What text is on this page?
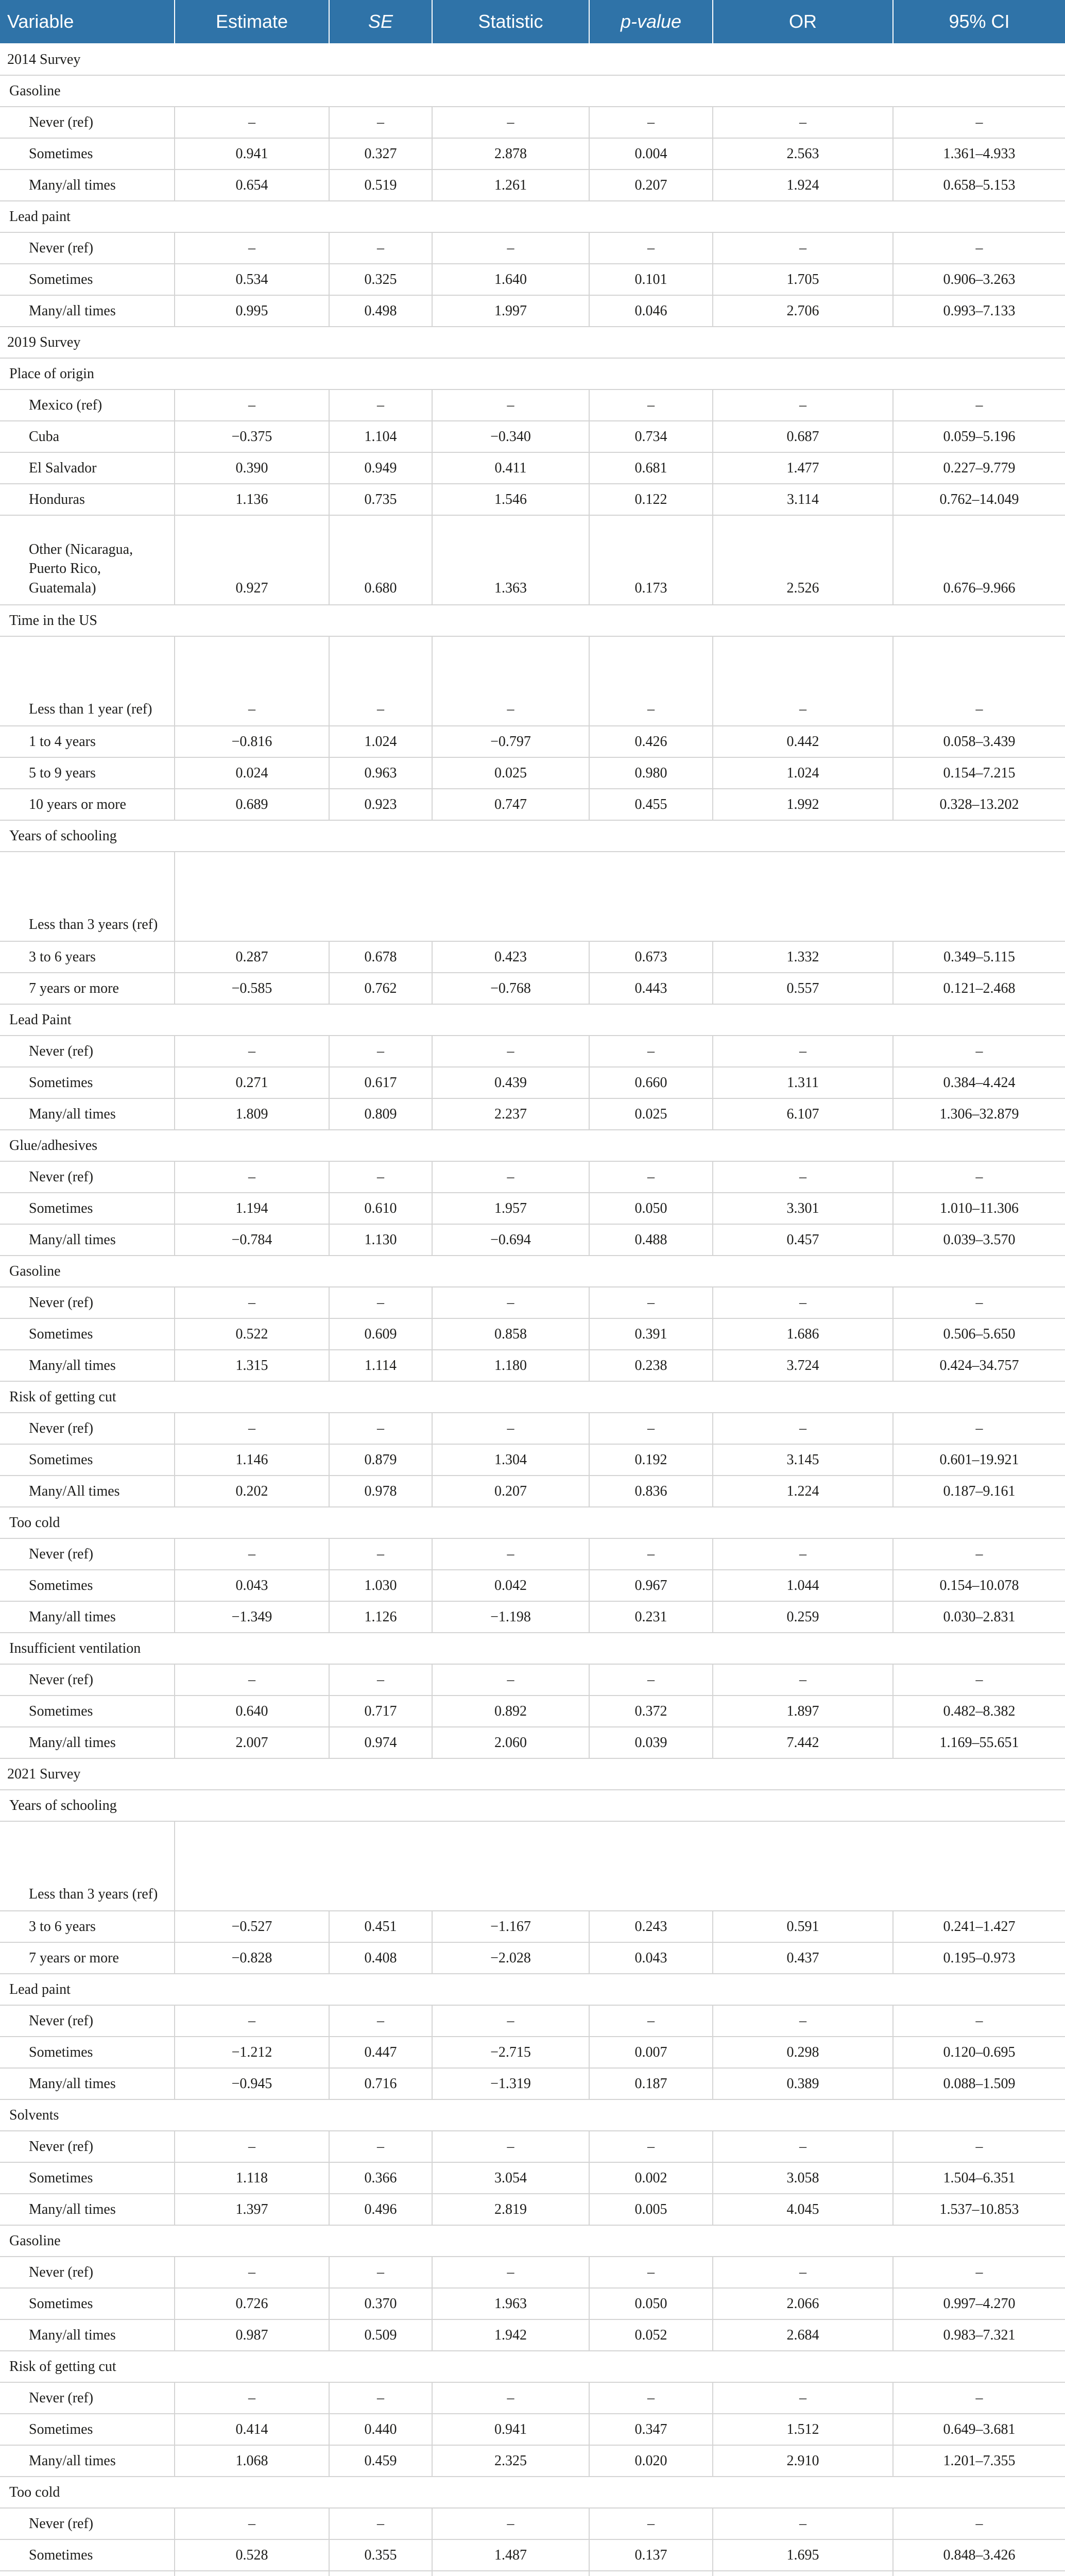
Variable	Estimate	SE	Statistic	p-value	OR	95% CI
2014 Survey						
Gasoline						
Never (ref)	–	–	–	–	–	–
Sometimes	0.941	0.327	2.878	0.004	2.563	1.361–4.933
Many/all times	0.654	0.519	1.261	0.207	1.924	0.658–5.153
Lead paint						
Never (ref)	–	–	–	–	–	–
Sometimes	0.534	0.325	1.640	0.101	1.705	0.906–3.263
Many/all times	0.995	0.498	1.997	0.046	2.706	0.993–7.133
2019 Survey						
Place of origin						
Mexico (ref)	–	–	–	–	–	–
Cuba	−0.375	1.104	−0.340	0.734	0.687	0.059–5.196
El Salvador	0.390	0.949	0.411	0.681	1.477	0.227–9.779
Honduras	1.136	0.735	1.546	0.122	3.114	0.762–14.049
Other (Nicaragua, Puerto Rico, Guatemala)	0.927	0.680	1.363	0.173	2.526	0.676–9.966
Time in the US						
Less than 1 year (ref)	–	–	–	–	–	–
1 to 4 years	−0.816	1.024	−0.797	0.426	0.442	0.058–3.439
5 to 9 years	0.024	0.963	0.025	0.980	1.024	0.154–7.215
10 years or more	0.689	0.923	0.747	0.455	1.992	0.328–13.202
Years of schooling						
Less than 3 years (ref)						
3 to 6 years	0.287	0.678	0.423	0.673	1.332	0.349–5.115
7 years or more	−0.585	0.762	−0.768	0.443	0.557	0.121–2.468
Lead Paint						
Never (ref)	–	–	–	–	–	–
Sometimes	0.271	0.617	0.439	0.660	1.311	0.384–4.424
Many/all times	1.809	0.809	2.237	0.025	6.107	1.306–32.879
Glue/adhesives						
Never (ref)	–	–	–	–	–	–
Sometimes	1.194	0.610	1.957	0.050	3.301	1.010–11.306
Many/all times	−0.784	1.130	−0.694	0.488	0.457	0.039–3.570
Gasoline						
Never (ref)	–	–	–	–	–	–
Sometimes	0.522	0.609	0.858	0.391	1.686	0.506–5.650
Many/all times	1.315	1.114	1.180	0.238	3.724	0.424–34.757
Risk of getting cut						
Never (ref)	–	–	–	–	–	–
Sometimes	1.146	0.879	1.304	0.192	3.145	0.601–19.921
Many/All times	0.202	0.978	0.207	0.836	1.224	0.187–9.161
Too cold						
Never (ref)	–	–	–	–	–	–
Sometimes	0.043	1.030	0.042	0.967	1.044	0.154–10.078
Many/all times	−1.349	1.126	−1.198	0.231	0.259	0.030–2.831
Insufficient ventilation						
Never (ref)	–	–	–	–	–	–
Sometimes	0.640	0.717	0.892	0.372	1.897	0.482–8.382
Many/all times	2.007	0.974	2.060	0.039	7.442	1.169–55.651
2021 Survey						
Years of schooling						
Less than 3 years (ref)						
3 to 6 years	−0.527	0.451	−1.167	0.243	0.591	0.241–1.427
7 years or more	−0.828	0.408	−2.028	0.043	0.437	0.195–0.973
Lead paint						
Never (ref)	–	–	–	–	–	–
Sometimes	−1.212	0.447	−2.715	0.007	0.298	0.120–0.695
Many/all times	−0.945	0.716	−1.319	0.187	0.389	0.088–1.509
Solvents						
Never (ref)	–	–	–	–	–	–
Sometimes	1.118	0.366	3.054	0.002	3.058	1.504–6.351
Many/all times	1.397	0.496	2.819	0.005	4.045	1.537–10.853
Gasoline						
Never (ref)	–	–	–	–	–	–
Sometimes	0.726	0.370	1.963	0.050	2.066	0.997–4.270
Many/all times	0.987	0.509	1.942	0.052	2.684	0.983–7.321
Risk of getting cut						
Never (ref)	–	–	–	–	–	–
Sometimes	0.414	0.440	0.941	0.347	1.512	0.649–3.681
Many/all times	1.068	0.459	2.325	0.020	2.910	1.201–7.355
Too cold						
Never (ref)	–	–	–	–	–	–
Sometimes	0.528	0.355	1.487	0.137	1.695	0.848–3.426
